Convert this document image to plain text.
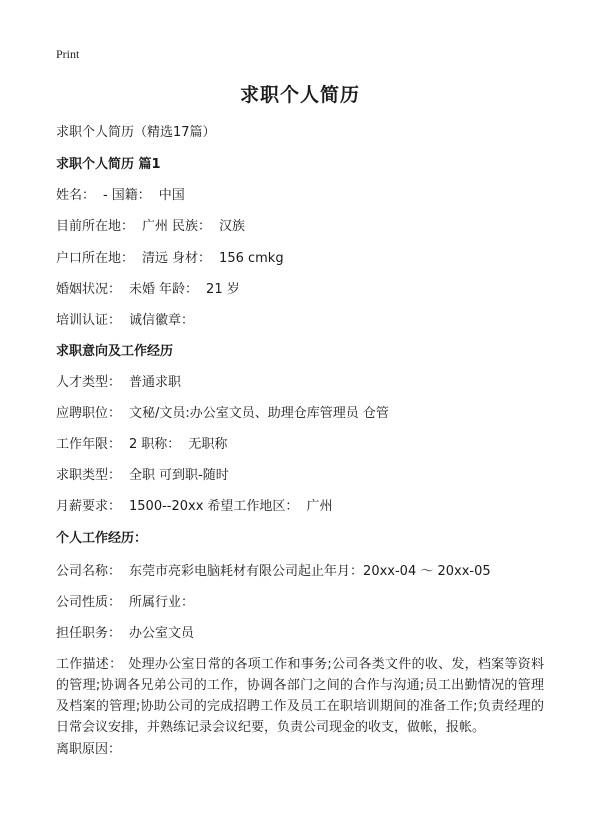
Print
求职个人简历
求职个人简历（精选17篇）
求职个人简历 篇1
姓名： - 国籍： 中国
目前所在地： 广州 民族： 汉族
户口所在地： 清远 身材： 156 cmkg
婚姻状况： 未婚 年龄： 21 岁
培训认证： 诚信徽章：
求职意向及工作经历
人才类型： 普通求职
应聘职位： 文秘/文员:办公室文员、助理仓库管理员 仓管
工作年限： 2 职称： 无职称
求职类型： 全职 可到职-随时
月薪要求： 1500--20xx 希望工作地区： 广州
个人工作经历：
公司名称： 东莞市亮彩电脑耗材有限公司起止年月：20xx-04 ～ 20xx-05
公司性质： 所属行业：
担任职务： 办公室文员
工作描述： 处理办公室日常的各项工作和事务;公司各类文件的收、发，档案等资料的管理;协调各兄弟公司的工作，协调各部门之间的合作与沟通;员工出勤情况的管理及档案的管理;协助公司的完成招聘工作及员工在职培训期间的准备工作;负责经理的日常会议安排，并熟练记录会议纪要，负责公司现金的收支，做帐，报帐。
离职原因：
